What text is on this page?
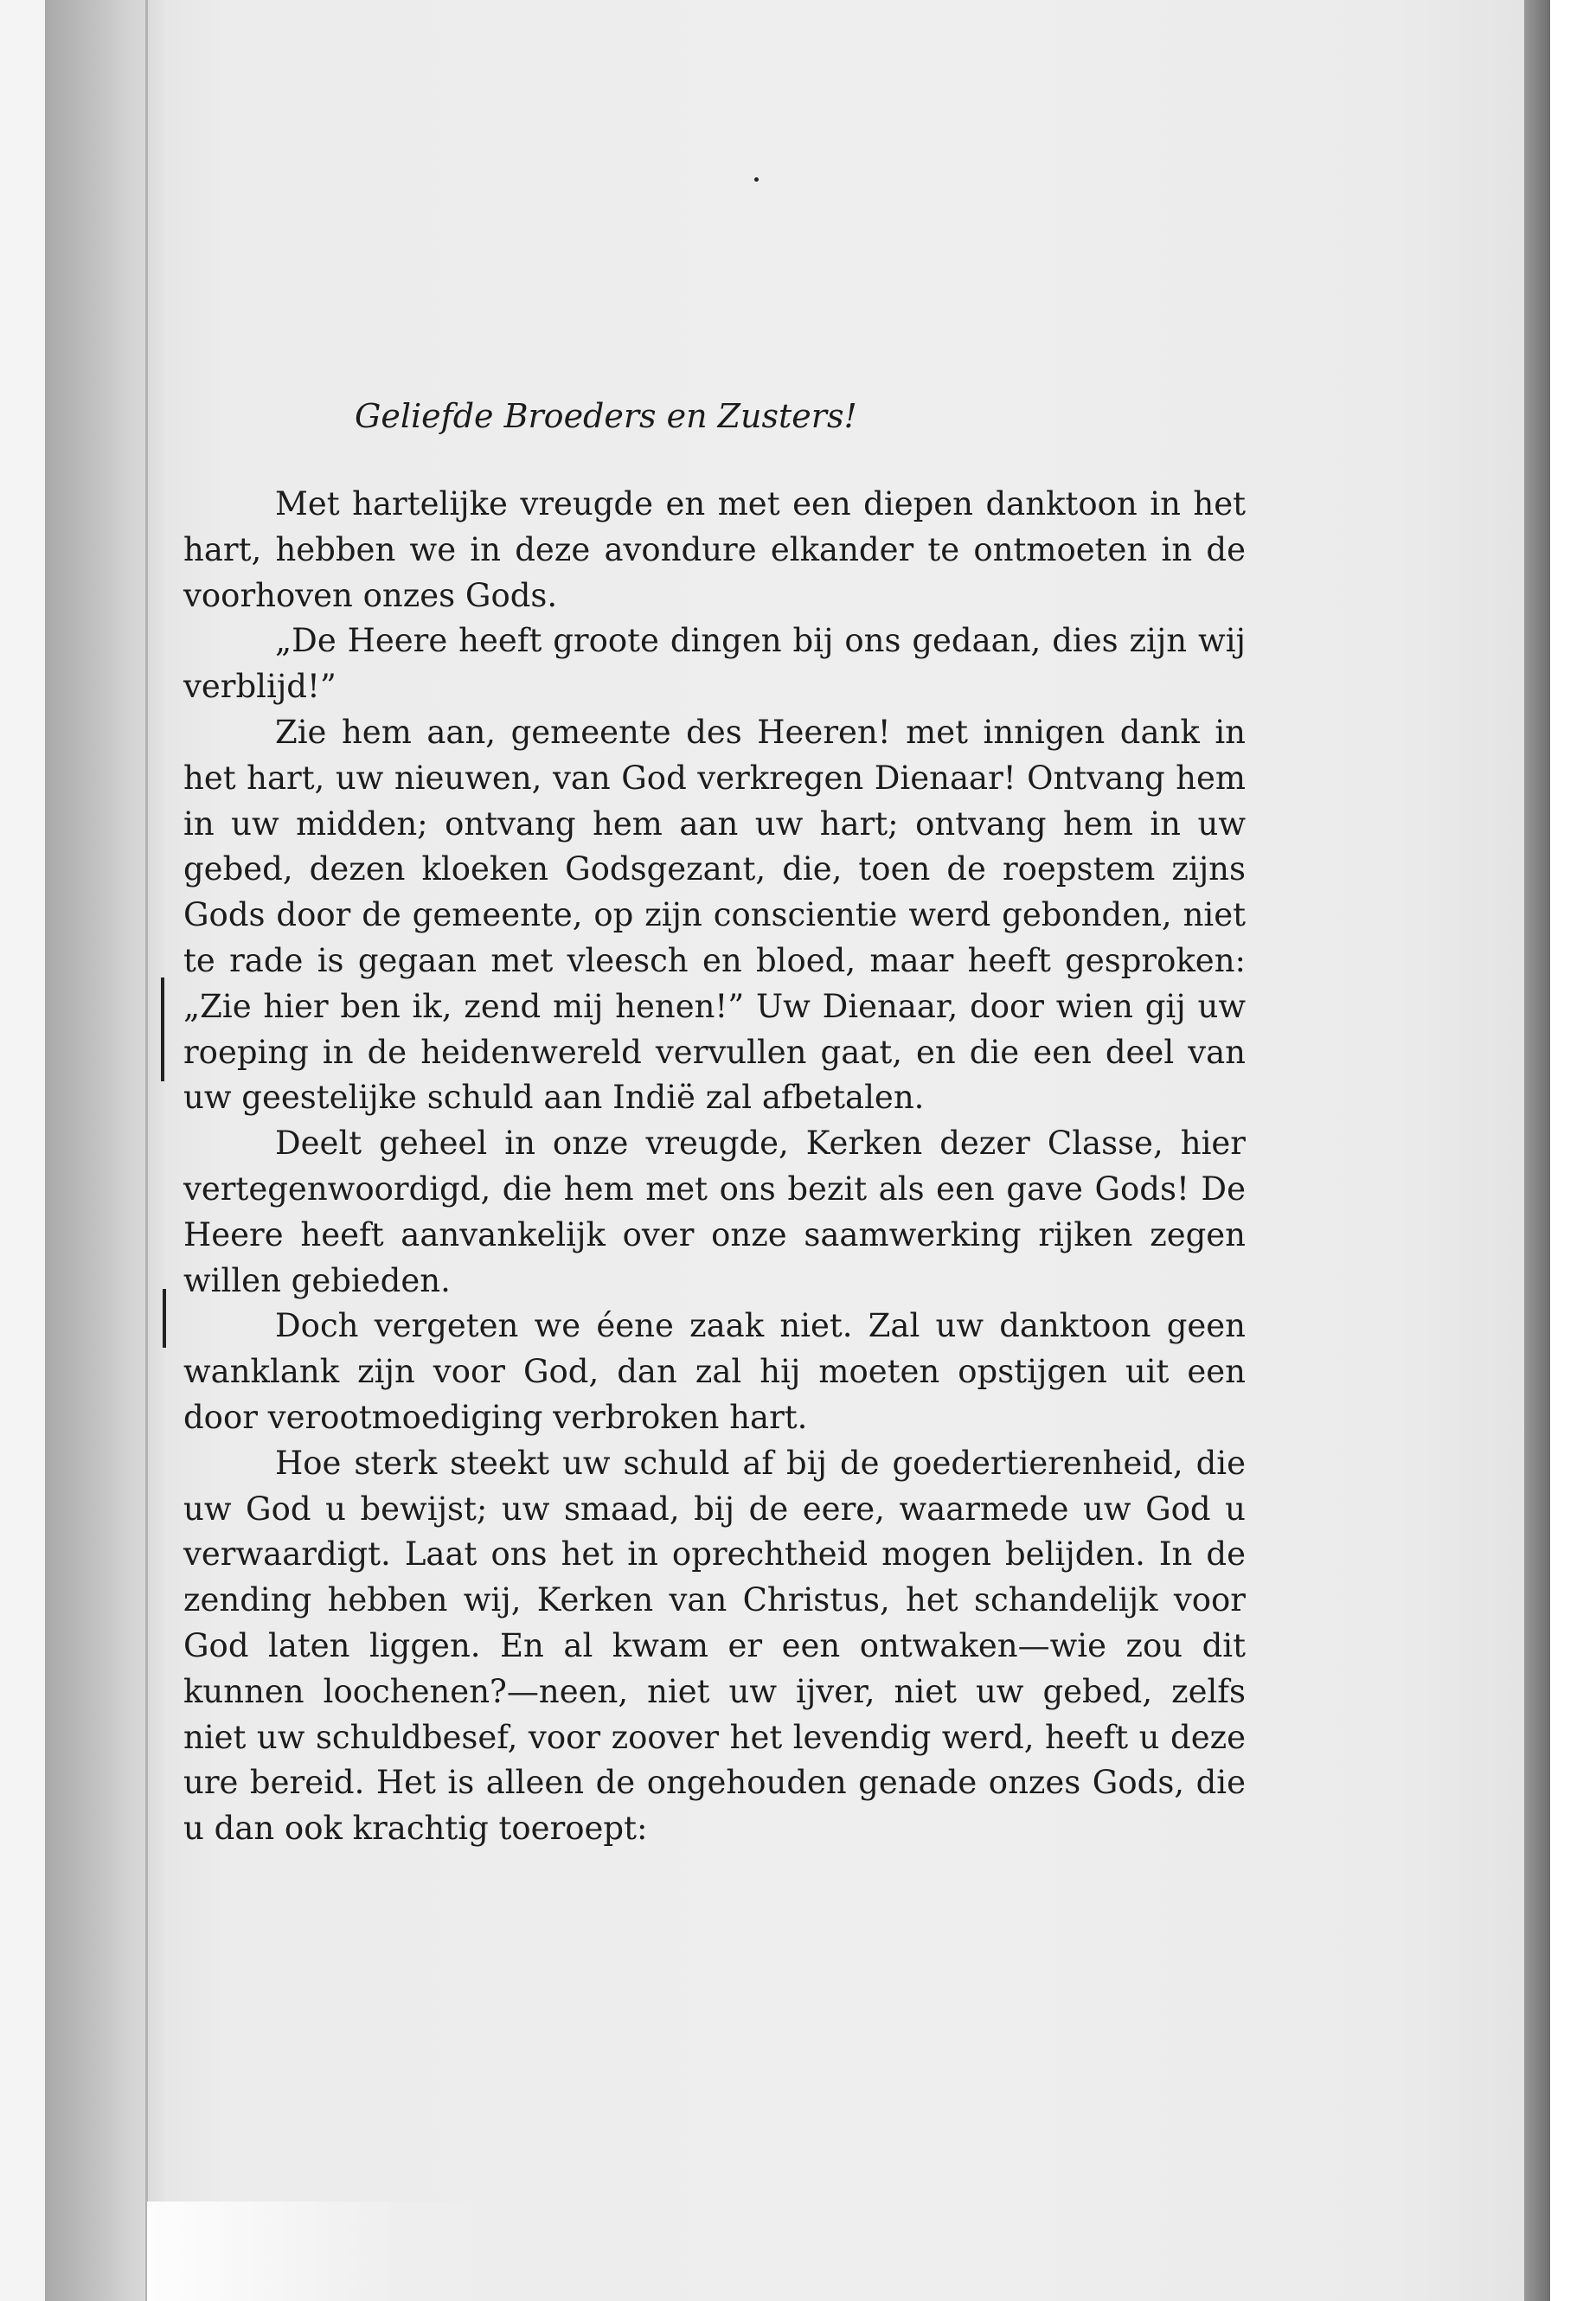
Geliefde Broeders en Zusters!

Met hartelijke vreugde en met een diepen danktoon in het hart, hebben we in deze avondure elkander te ontmoeten in de voorhoven onzes Gods.

„De Heere heeft groote dingen bij ons gedaan, dies zijn wij verblijd!”

Zie hem aan, gemeente des Heeren! met innigen dank in het hart, uw nieuwen, van God verkregen Dienaar! Ontvang hem in uw midden; ontvang hem aan uw hart; ontvang hem in uw gebed, dezen kloeken Godsgezant, die, toen de roepstem zijns Gods door de gemeente, op zijn conscientie werd gebonden, niet te rade is gegaan met vleesch en bloed, maar heeft gesproken: „Zie hier ben ik, zend mij henen!” Uw Dienaar, door wien gij uw roeping in de heidenwereld vervullen gaat, en die een deel van uw geestelijke schuld aan Indië zal afbetalen.

Deelt geheel in onze vreugde, Kerken dezer Classe, hier vertegenwoordigd, die hem met ons bezit als een gave Gods! De Heere heeft aanvankelijk over onze saamwerking rijken zegen willen gebieden.

Doch vergeten we éene zaak niet. Zal uw danktoon geen wanklank zijn voor God, dan zal hij moeten opstijgen uit een door verootmoediging verbroken hart.

Hoe sterk steekt uw schuld af bij de goedertierenheid, die uw God u bewijst; uw smaad, bij de eere, waarmede uw God u verwaardigt. Laat ons het in oprechtheid mogen belijden. In de zending hebben wij, Kerken van Christus, het schandelijk voor God laten liggen. En al kwam er een ontwaken—wie zou dit kunnen loochenen?—neen, niet uw ijver, niet uw gebed, zelfs niet uw schuldbesef, voor zoover het levendig werd, heeft u deze ure bereid. Het is alleen de ongehouden genade onzes Gods, die u dan ook krachtig toeroept:
